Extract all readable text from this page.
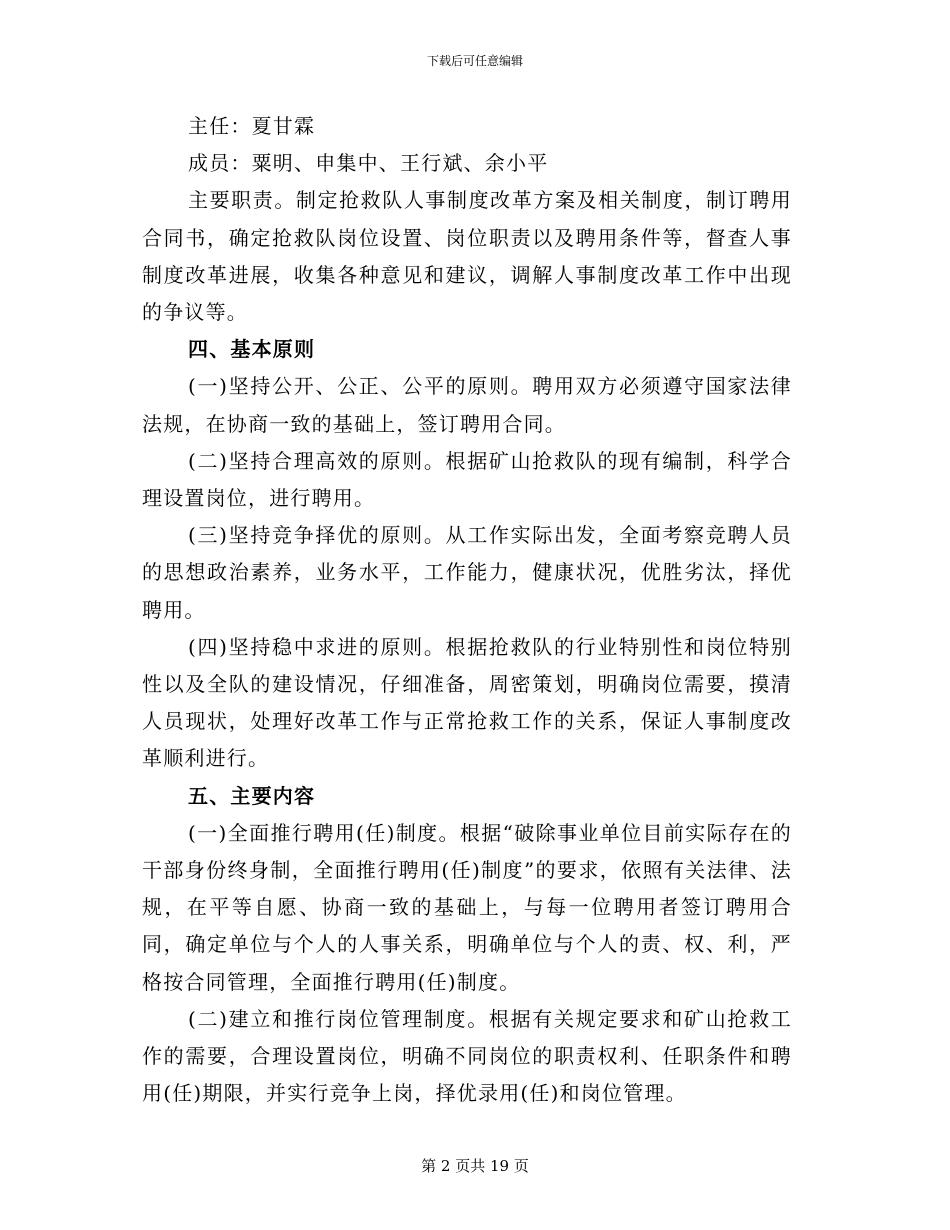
下载后可任意编辑

主任：夏甘霖

成员：粟明、申集中、王行斌、余小平

主要职责。制定抢救队人事制度改革方案及相关制度，制订聘用合同书，确定抢救队岗位设置、岗位职责以及聘用条件等，督查人事制度改革进展，收集各种意见和建议，调解人事制度改革工作中出现的争议等。

四、基本原则

(一)坚持公开、公正、公平的原则。聘用双方必须遵守国家法律法规，在协商一致的基础上，签订聘用合同。

(二)坚持合理高效的原则。根据矿山抢救队的现有编制，科学合理设置岗位，进行聘用。

(三)坚持竞争择优的原则。从工作实际出发，全面考察竞聘人员的思想政治素养，业务水平，工作能力，健康状况，优胜劣汰，择优聘用。

(四)坚持稳中求进的原则。根据抢救队的行业特别性和岗位特别性以及全队的建设情况，仔细准备，周密策划，明确岗位需要，摸清人员现状，处理好改革工作与正常抢救工作的关系，保证人事制度改革顺利进行。

五、主要内容

(一)全面推行聘用(任)制度。根据“破除事业单位目前实际存在的干部身份终身制，全面推行聘用(任)制度”的要求，依照有关法律、法规，在平等自愿、协商一致的基础上，与每一位聘用者签订聘用合同，确定单位与个人的人事关系，明确单位与个人的责、权、利，严格按合同管理，全面推行聘用(任)制度。

(二)建立和推行岗位管理制度。根据有关规定要求和矿山抢救工作的需要，合理设置岗位，明确不同岗位的职责权利、任职条件和聘用(任)期限，并实行竞争上岗，择优录用(任)和岗位管理。

第 2 页共 19 页
